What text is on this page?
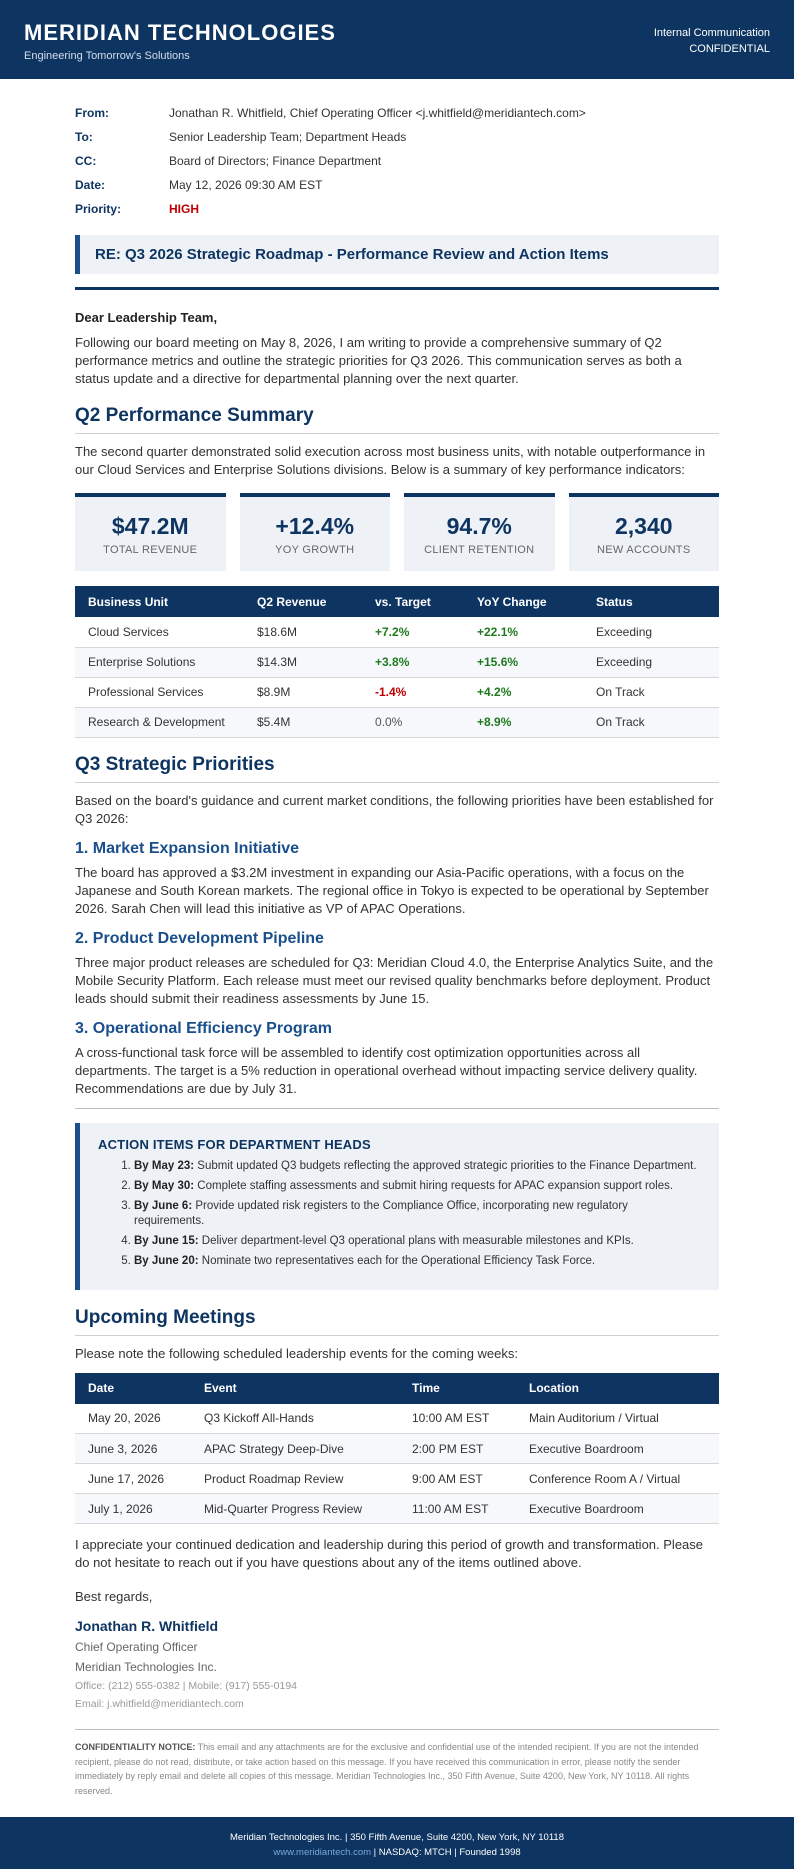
MERIDIAN TECHNOLOGIES
Engineering Tomorrow's Solutions
Internal Communication
CONFIDENTIAL
From:	Jonathan R. Whitfield, Chief Operating Officer <j.whitfield@meridiantech.com>
To:	Senior Leadership Team; Department Heads
CC:	Board of Directors; Finance Department
Date:	May 12, 2026 09:30 AM EST
Priority:	HIGH
RE: Q3 2026 Strategic Roadmap - Performance Review and Action Items
Dear Leadership Team,

Following our board meeting on May 8, 2026, I am writing to provide a comprehensive summary of Q2 performance metrics and outline the strategic priorities for Q3 2026. This communication serves as both a status update and a directive for departmental planning over the next quarter.

Q2 Performance Summary

The second quarter demonstrated solid execution across most business units, with notable outperformance in our Cloud Services and Enterprise Solutions divisions. Below is a summary of key performance indicators:

$47.2M
TOTAL REVENUE
+12.4%
YOY GROWTH
94.7%
CLIENT RETENTION
2,340
NEW ACCOUNTS
Business Unit	Q2 Revenue	vs. Target	YoY Change	Status
Cloud Services	$18.6M	+7.2%	+22.1%	Exceeding
Enterprise Solutions	$14.3M	+3.8%	+15.6%	Exceeding
Professional Services	$8.9M	-1.4%	+4.2%	On Track
Research & Development	$5.4M	0.0%	+8.9%	On Track
Q3 Strategic Priorities

Based on the board's guidance and current market conditions, the following priorities have been established for Q3 2026:

1. Market Expansion Initiative

The board has approved a $3.2M investment in expanding our Asia-Pacific operations, with a focus on the Japanese and South Korean markets. The regional office in Tokyo is expected to be operational by September 2026. Sarah Chen will lead this initiative as VP of APAC Operations.

2. Product Development Pipeline

Three major product releases are scheduled for Q3: Meridian Cloud 4.0, the Enterprise Analytics Suite, and the Mobile Security Platform. Each release must meet our revised quality benchmarks before deployment. Product leads should submit their readiness assessments by June 15.

3. Operational Efficiency Program

A cross-functional task force will be assembled to identify cost optimization opportunities across all departments. The target is a 5% reduction in operational overhead without impacting service delivery quality. Recommendations are due by July 31.

ACTION ITEMS FOR DEPARTMENT HEADS
1. By May 23: Submit updated Q3 budgets reflecting the approved strategic priorities to the Finance Department.
2. By May 30: Complete staffing assessments and submit hiring requests for APAC expansion support roles.
3. By June 6: Provide updated risk registers to the Compliance Office, incorporating new regulatory requirements.
4. By June 15: Deliver department-level Q3 operational plans with measurable milestones and KPIs.
5. By June 20: Nominate two representatives each for the Operational Efficiency Task Force.
Upcoming Meetings

Please note the following scheduled leadership events for the coming weeks:

Date	Event	Time	Location
May 20, 2026	Q3 Kickoff All-Hands	10:00 AM EST	Main Auditorium / Virtual
June 3, 2026	APAC Strategy Deep-Dive	2:00 PM EST	Executive Boardroom
June 17, 2026	Product Roadmap Review	9:00 AM EST	Conference Room A / Virtual
July 1, 2026	Mid-Quarter Progress Review	11:00 AM EST	Executive Boardroom

I appreciate your continued dedication and leadership during this period of growth and transformation. Please do not hesitate to reach out if you have questions about any of the items outlined above.

Best regards,

Jonathan R. Whitfield
Chief Operating Officer
Meridian Technologies Inc.
Office: (212) 555-0382 | Mobile: (917) 555-0194
Email: j.whitfield@meridiantech.com
CONFIDENTIALITY NOTICE: This email and any attachments are for the exclusive and confidential use of the intended recipient. If you are not the intended recipient, please do not read, distribute, or take action based on this message. If you have received this communication in error, please notify the sender immediately by reply email and delete all copies of this message. Meridian Technologies Inc., 350 Fifth Avenue, Suite 4200, New York, NY 10118. All rights reserved.
Meridian Technologies Inc. | 350 Fifth Avenue, Suite 4200, New York, NY 10118
www.meridiantech.com | NASDAQ: MTCH | Founded 1998
